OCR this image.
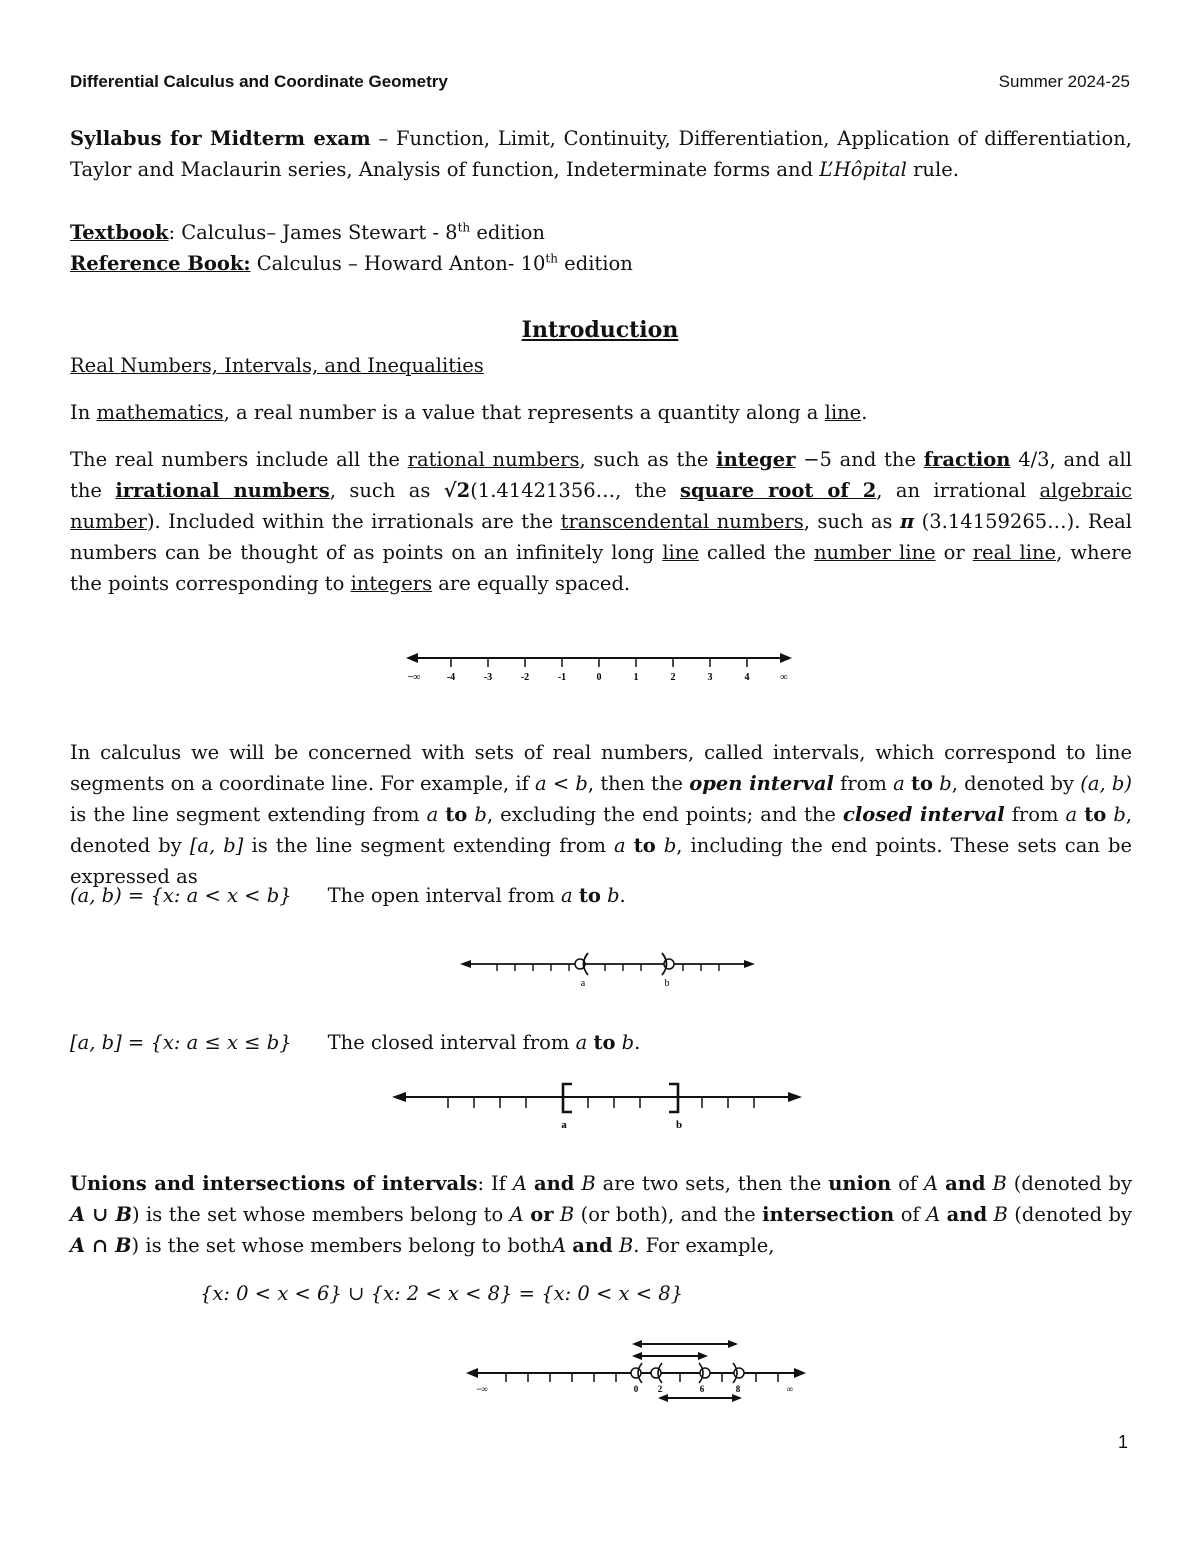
Differential Calculus and Coordinate Geometry	Summer 2024-25
Syllabus for Midterm exam – Function, Limit, Continuity, Differentiation, Application of differentiation, Taylor and Maclaurin series, Analysis of function, Indeterminate forms and L’Hôpital rule.
Textbook: Calculus– James Stewart - 8th edition
Reference Book: Calculus – Howard Anton- 10th edition
Introduction
Real Numbers, Intervals, and Inequalities
In mathematics, a real number is a value that represents a quantity along a line.
The real numbers include all the rational numbers, such as the integer −5 and the fraction 4/3, and all the irrational numbers, such as √2(1.41421356…, the square root of 2, an irrational algebraic number). Included within the irrationals are the transcendental numbers, such as π (3.14159265…). Real numbers can be thought of as points on an infinitely long line called the number line or real line, where the points corresponding to integers are equally spaced.
−∞	-4	-3	-2	-1	0	1	2	3	4	∞
In calculus we will be concerned with sets of real numbers, called intervals, which correspond to line segments on a coordinate line. For example, if a < b, then the open interval from a to b, denoted by (a, b) is the line segment extending from a to b, excluding the end points; and the closed interval from a to b, denoted by [a, b] is the line segment extending from a to b, including the end points. These sets can be expressed as
(a, b) = {x: a < x < b} The open interval from a to b.
a	b
[a, b] = {x: a ≤ x ≤ b} The closed interval from a to b.
a	b
Unions and intersections of intervals: If A and B are two sets, then the union of A and B (denoted by A ∪ B) is the set whose members belong to A or B (or both), and the intersection of A and B (denoted by A ∩ B) is the set whose members belong to bothA and B. For example,
{x: 0 < x < 6} ∪ {x: 2 < x < 8} = {x: 0 < x < 8}
−∞	∞
0 2	6	8
1
